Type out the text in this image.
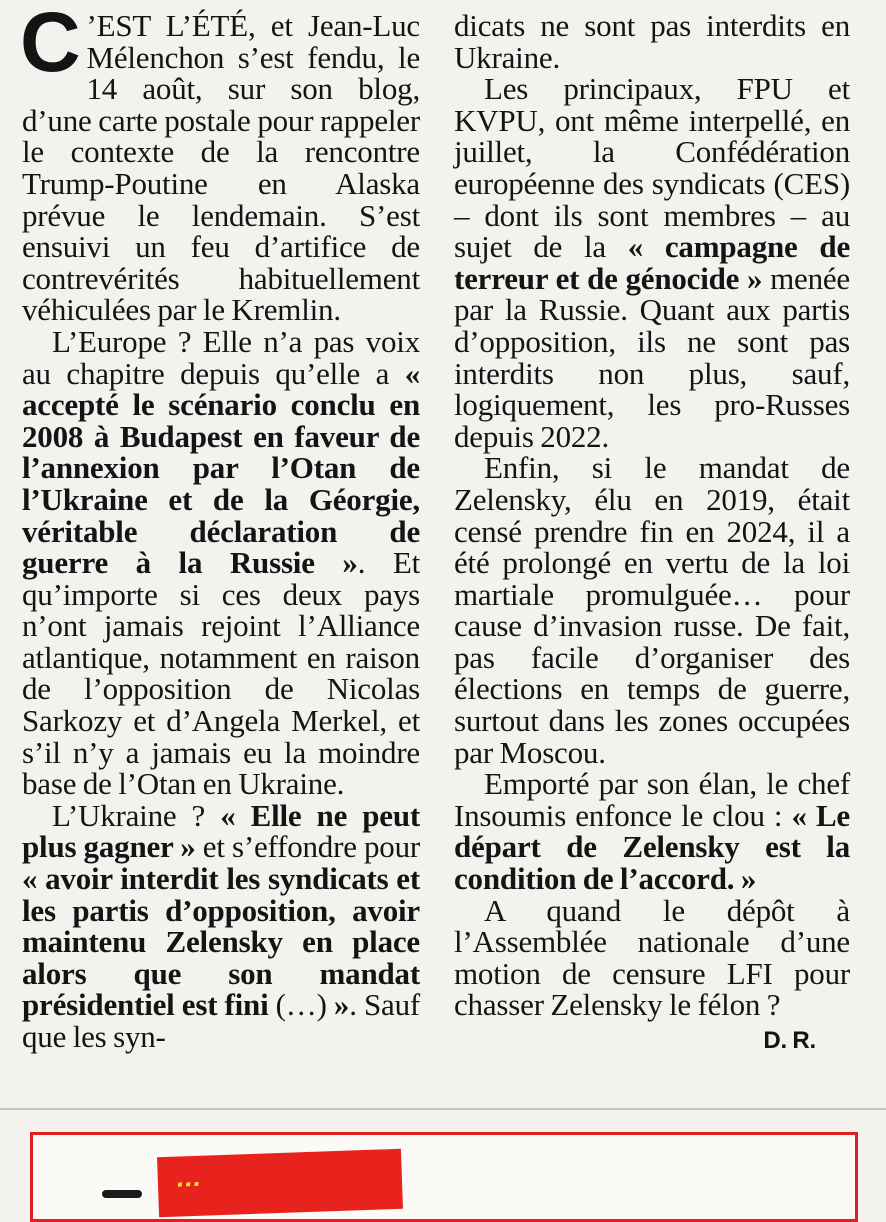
C ’EST L’ÉTÉ, et Jean-Luc Mélenchon s’est fendu, le 14 août, sur son blog, d’une carte postale pour rappeler le contexte de la rencontre Trump-Poutine en Alaska prévue le lendemain. S’est ensuivi un feu d’artifice de contrevérités habituellement véhiculées par le Kremlin.

L’Europe ? Elle n’a pas voix au chapitre depuis qu’elle a « accepté le scénario conclu en 2008 à Budapest en faveur de l’annexion par l’Otan de l’Ukraine et de la Géorgie, véritable déclaration de guerre à la Russie ». Et qu’importe si ces deux pays n’ont jamais rejoint l’Alliance atlantique, notamment en raison de l’opposition de Nicolas Sarkozy et d’Angela Merkel, et s’il n’y a jamais eu la moindre base de l’Otan en Ukraine.

L’Ukraine ? « Elle ne peut plus gagner » et s’effondre pour « avoir interdit les syndicats et les partis d’opposition, avoir maintenu Zelensky en place alors que son mandat présidentiel est fini (…) ». Sauf que les syn-

dicats ne sont pas interdits en Ukraine.

Les principaux, FPU et KVPU, ont même interpellé, en juillet, la Confédération européenne des syndicats (CES) – dont ils sont membres – au sujet de la « campagne de terreur et de génocide » menée par la Russie. Quant aux partis d’opposition, ils ne sont pas interdits non plus, sauf, logiquement, les pro-Russes depuis 2022.

Enfin, si le mandat de Zelensky, élu en 2019, était censé prendre fin en 2024, il a été prolongé en vertu de la loi martiale promulguée… pour cause d’invasion russe. De fait, pas facile d’organiser des élections en temps de guerre, surtout dans les zones occupées par Moscou.

Emporté par son élan, le chef Insoumis enfonce le clou : « Le départ de Zelensky est la condition de l’accord. »

A quand le dépôt à l’Assemblée nationale d’une motion de censure LFI pour chasser Zelensky le félon ?

D. R.
…
